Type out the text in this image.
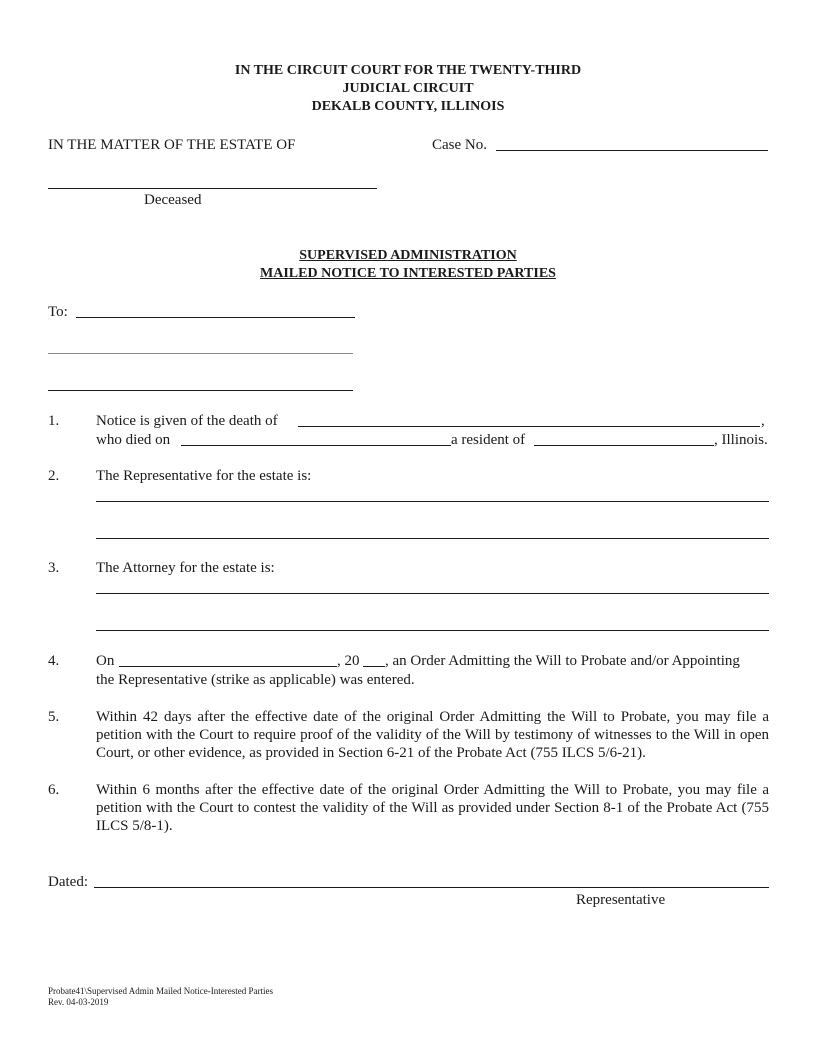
IN THE CIRCUIT COURT FOR THE TWENTY-THIRD
JUDICIAL CIRCUIT
DEKALB COUNTY, ILLINOIS
IN THE MATTER OF THE ESTATE OF	Case No.
Deceased
SUPERVISED ADMINISTRATION
MAILED NOTICE TO INTERESTED PARTIES
To:
1. Notice is given of the death of	,
who died on	a resident of	, Illinois.
2. The Representative for the estate is:
3. The Attorney for the estate is:
4. On	, 20 , an Order Admitting the Will to Probate and/or Appointing
the Representative (strike as applicable) was entered.
5. Within 42 days after the effective date of the original Order Admitting the Will to Probate, you may file a petition with the Court to require proof of the validity of the Will by testimony of witnesses to the Will in open Court, or other evidence, as provided in Section 6-21 of the Probate Act (755 ILCS 5/6-21).
6. Within 6 months after the effective date of the original Order Admitting the Will to Probate, you may file a petition with the Court to contest the validity of the Will as provided under Section 8-1 of the Probate Act (755 ILCS 5/8-1).
Dated:
Representative
Probate41\Supervised Admin Mailed Notice-Interested Parties
Rev. 04-03-2019
